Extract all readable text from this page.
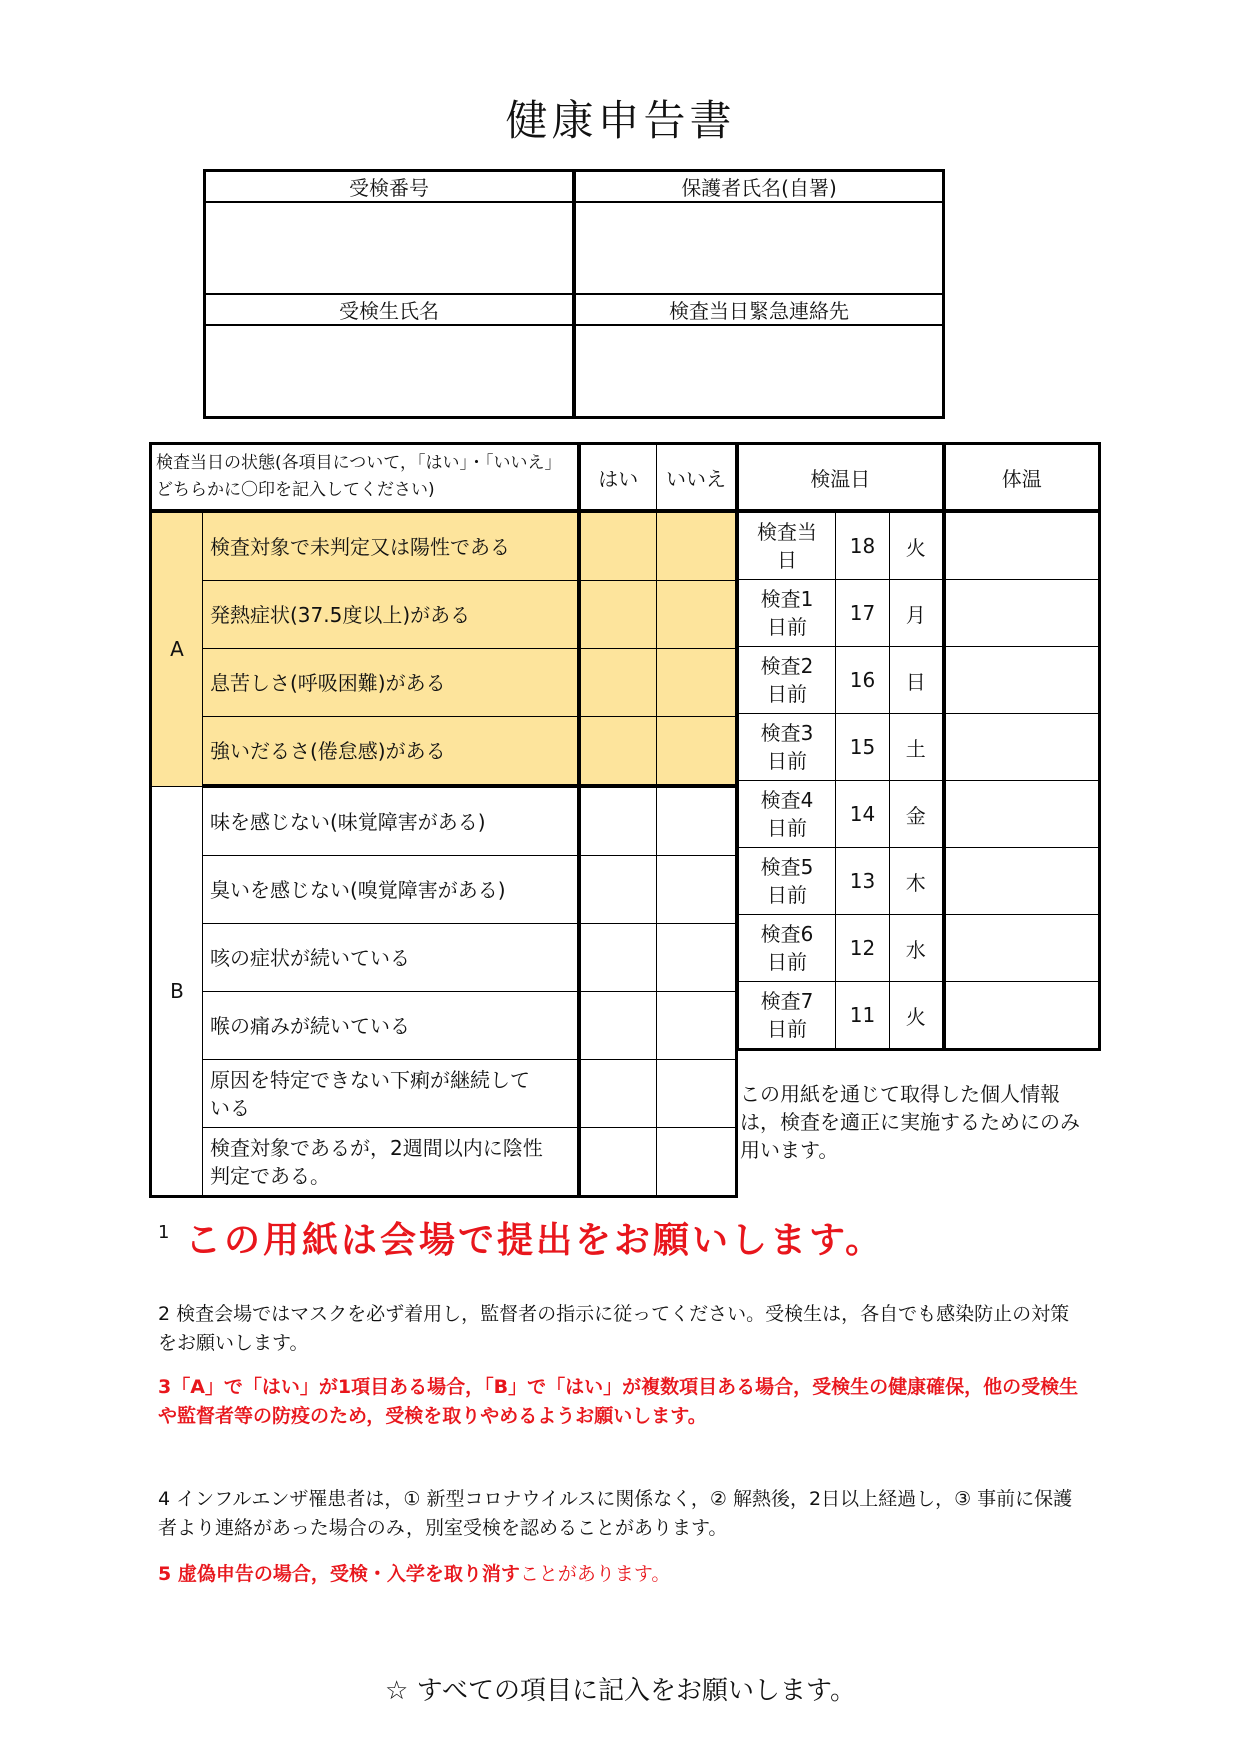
健康申告書
受検番号	保護者氏名(自署)

受検生氏名	検査当日緊急連絡先

検査当日の状態(各項目について，「はい」・「いいえ」どちらかに〇印を記入してください)		はい	いいえ
A	検査対象で未判定又は陽性である		
	発熱症状(37.5度以上)がある		
	息苦しさ(呼吸困難)がある		
	強いだるさ(倦怠感)がある		
B	味を感じない(味覚障害がある)		
	臭いを感じない(嗅覚障害がある)		
	咳の症状が続いている		
	喉の痛みが続いている		
	原因を特定できない下痢が継続している		
	検査対象であるが，2週間以内に陰性判定である。		
検温日			体温
検査当日	18	火	
検査1日前	17	月	
検査2日前	16	日	
検査3日前	15	土	
検査4日前	14	金	
検査5日前	13	木	
検査6日前	12	水	
検査7日前	11	火	
この用紙を通じて取得した個人情報は，検査を適正に実施するためにのみ用います。
1 この用紙は会場で提出をお願いします。
2 検査会場ではマスクを必ず着用し，監督者の指示に従ってください。受検生は，各自でも感染防止の対策をお願いします。
3「A」で「はい」が1項目ある場合，「B」で「はい」が複数項目ある場合，受検生の健康確保，他の受検生や監督者等の防疫のため，受検を取りやめるようお願いします。
4 インフルエンザ罹患者は，① 新型コロナウイルスに関係なく，② 解熱後，2日以上経過し，③ 事前に保護者より連絡があった場合のみ，別室受検を認めることがあります。
5 虚偽申告の場合，受検・入学を取り消すことがあります。
☆ すべての項目に記入をお願いします。
